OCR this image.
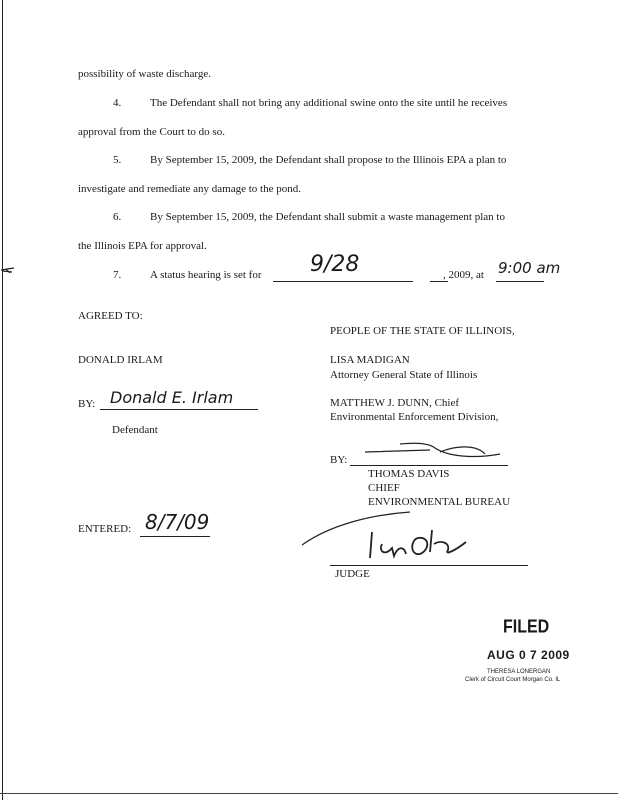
possibility of waste discharge.
4.	The Defendant shall not bring any additional swine onto the site until he receives
approval from the Court to do so.
5.	By September 15, 2009, the Defendant shall propose to the Illinois EPA a plan to
investigate and remediate any damage to the pond.
6.	By September 15, 2009, the Defendant shall submit a waste management plan to
the Illinois EPA for approval.
7.	A status hearing is set for 9/28	, 2009, at 9:00 am
AGREED TO:
PEOPLE OF THE STATE OF ILLINOIS,
DONALD IRLAM	LISA MADIGAN
Attorney General State of Illinois
BY: Donald E. Irlam
Defendant
MATTHEW J. DUNN, Chief
Environmental Enforcement Division,
BY:
THOMAS DAVIS
CHIEF
ENVIRONMENTAL BUREAU
ENTERED: 8/7/09
JUDGE
FILED
AUG 0 7 2009
THERESA LONERGAN
Clerk of Circuit Court Morgan Co. IL
